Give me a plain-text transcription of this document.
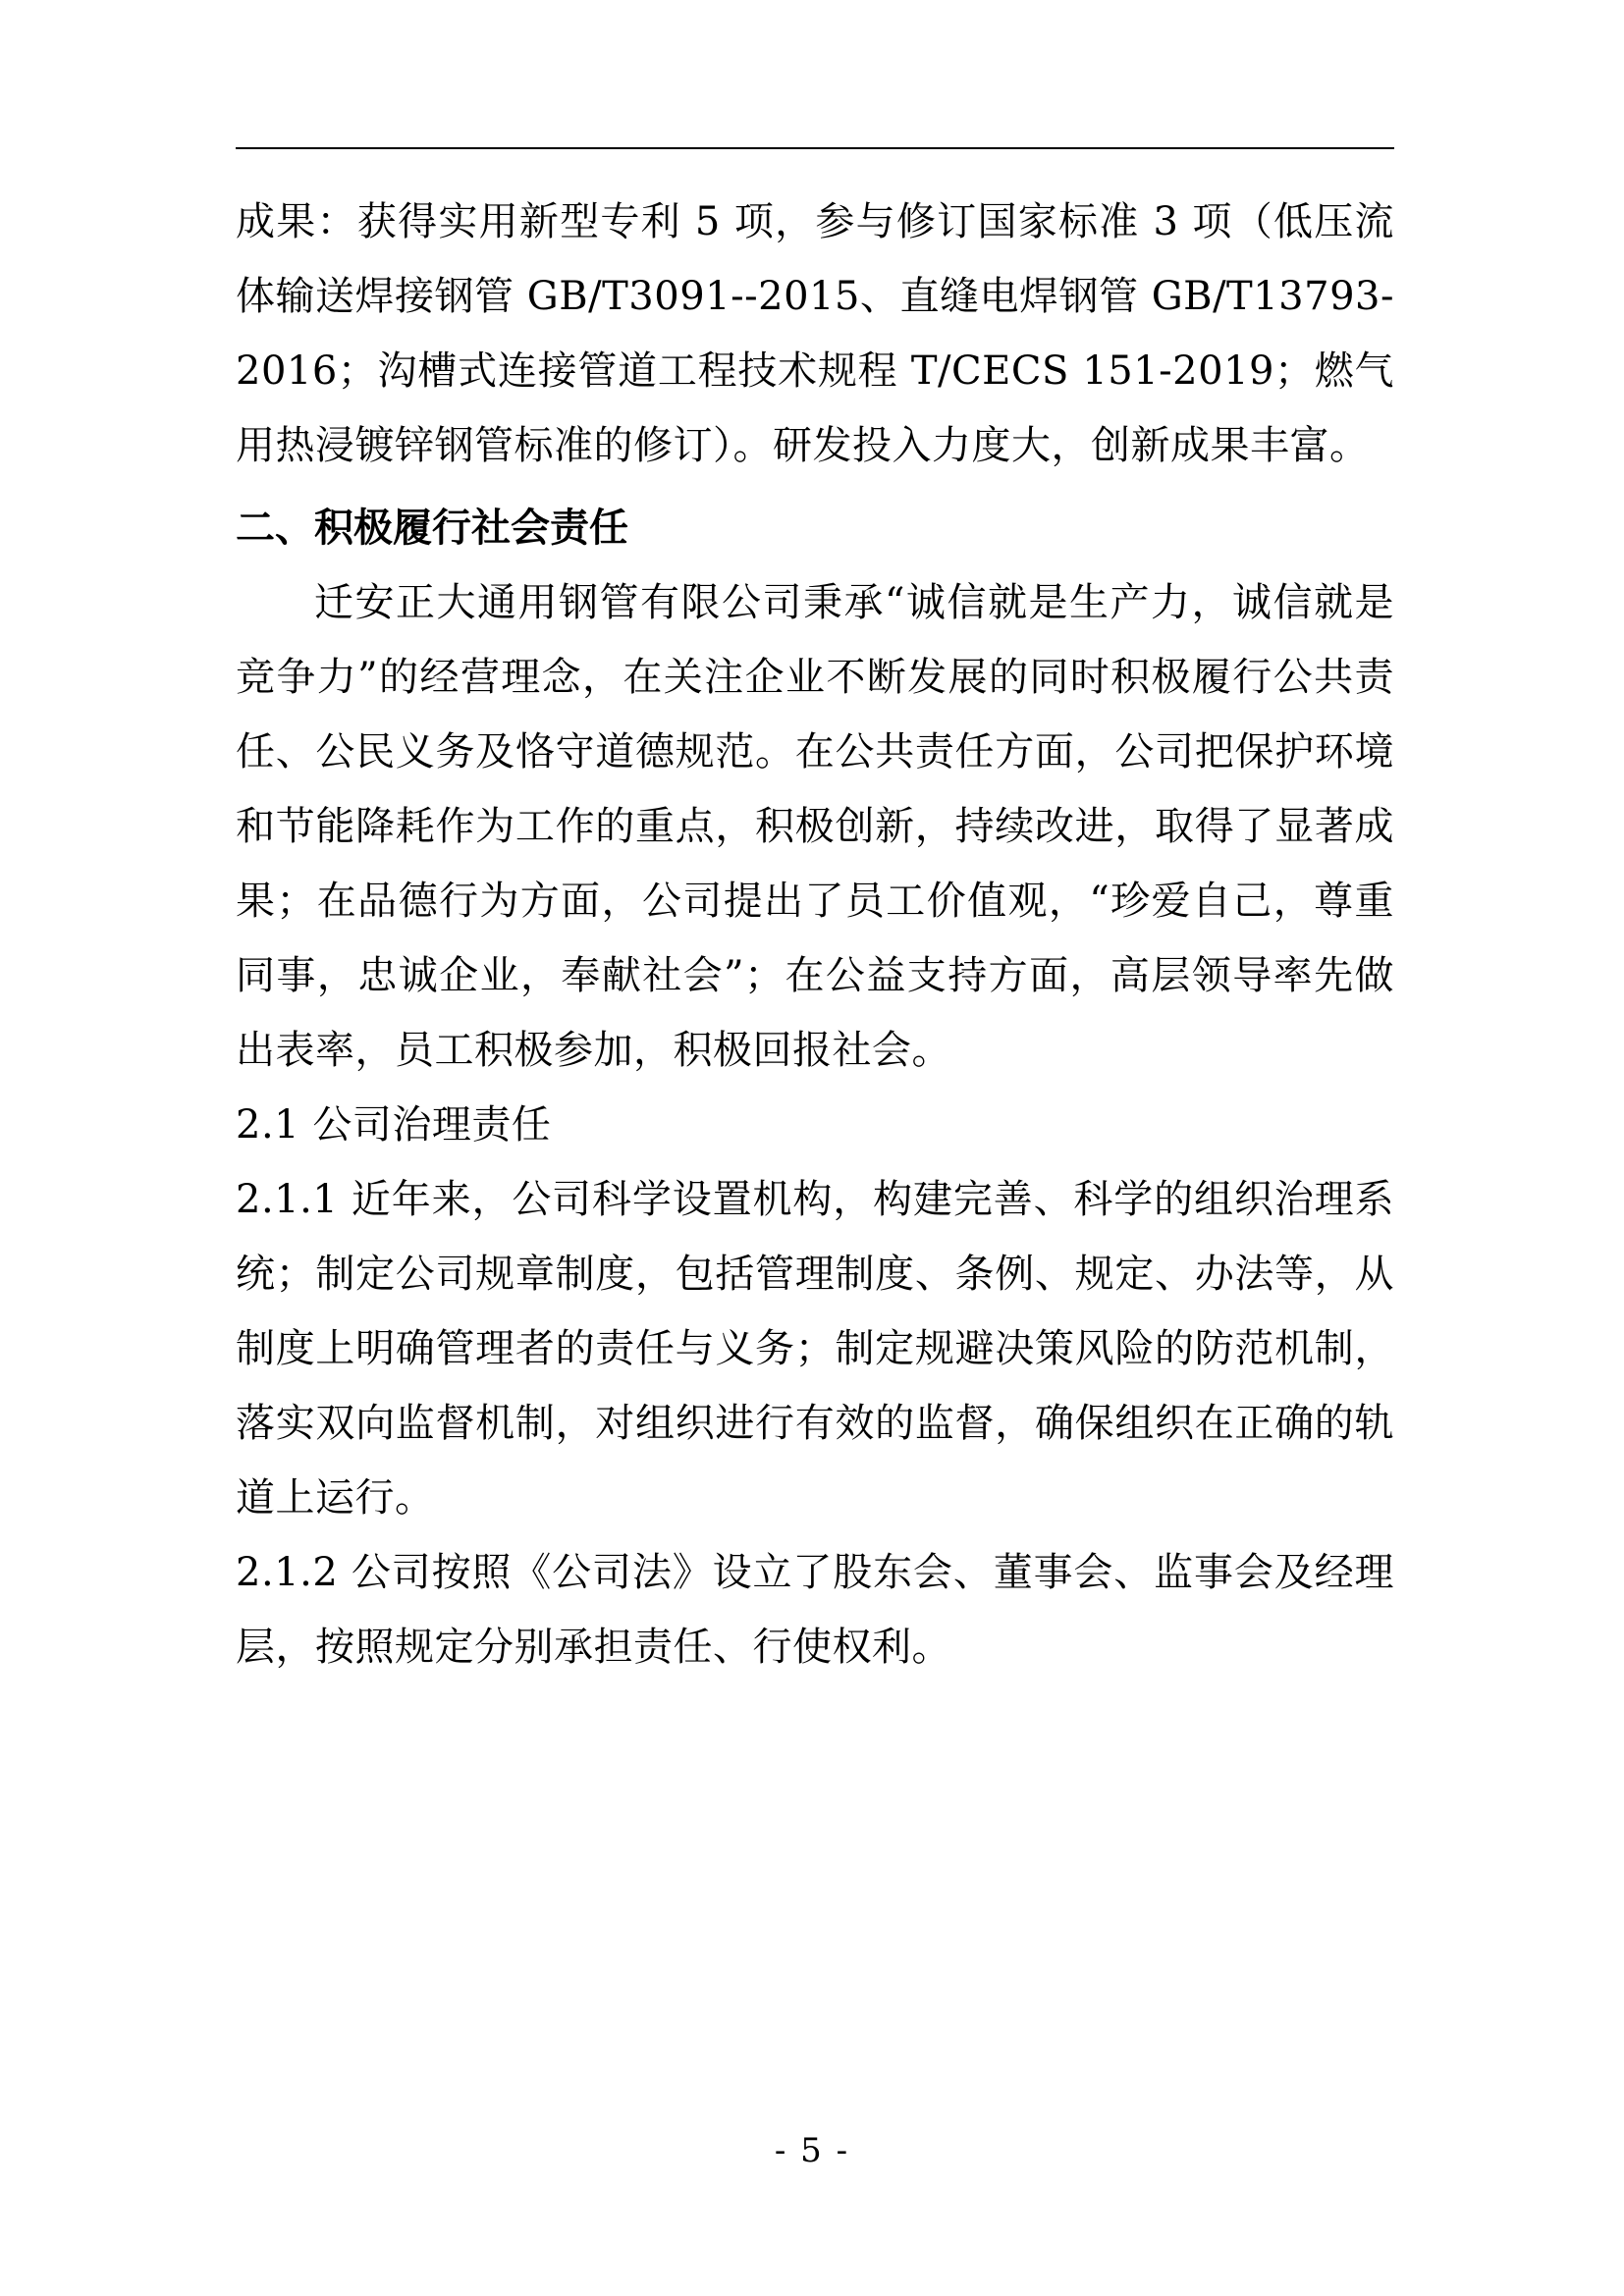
成果：获得实用新型专利 5 项，参与修订国家标准 3 项（低压流体输送焊接钢管 GB/T3091--2015、直缝电焊钢管 GB/T13793-2016；沟槽式连接管道工程技术规程 T/CECS 151-2019；燃气用热浸镀锌钢管标准的修订）。研发投入力度大，创新成果丰富。

二、积极履行社会责任

迁安正大通用钢管有限公司秉承“诚信就是生产力，诚信就是竞争力”的经营理念，在关注企业不断发展的同时积极履行公共责任、公民义务及恪守道德规范。在公共责任方面，公司把保护环境和节能降耗作为工作的重点，积极创新，持续改进，取得了显著成果；在品德行为方面，公司提出了员工价值观，“珍爱自己，尊重同事，忠诚企业，奉献社会”；在公益支持方面，高层领导率先做出表率，员工积极参加，积极回报社会。

2.1 公司治理责任

2.1.1 近年来，公司科学设置机构，构建完善、科学的组织治理系统；制定公司规章制度，包括管理制度、条例、规定、办法等，从制度上明确管理者的责任与义务；制定规避决策风险的防范机制，落实双向监督机制，对组织进行有效的监督，确保组织在正确的轨道上运行。

2.1.2 公司按照《公司法》设立了股东会、董事会、监事会及经理层，按照规定分别承担责任、行使权利。

- 5 -
